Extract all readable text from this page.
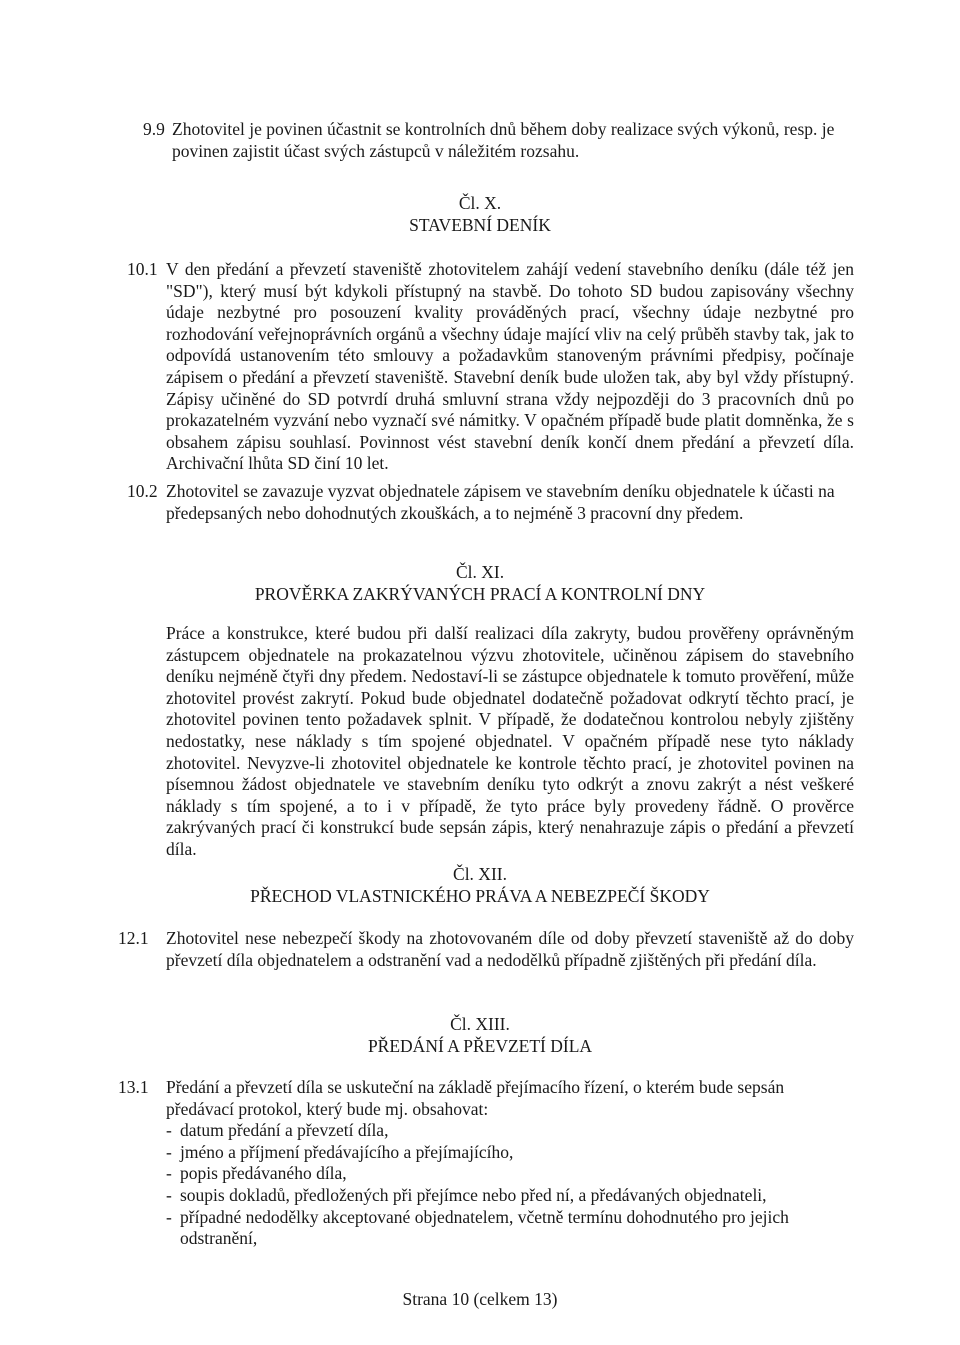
9.9 Zhotovitel je povinen účastnit se kontrolních dnů během doby realizace svých výkonů, resp. je povinen zajistit účast svých zástupců v náležitém rozsahu.
Čl. X.
STAVEBNÍ DENÍK
10.1 V den předání a převzetí staveniště zhotovitelem zahájí vedení stavebního deníku (dále též jen "SD"), který musí být kdykoli přístupný na stavbě. Do tohoto SD budou zapisovány všechny údaje nezbytné pro posouzení kvality prováděných prací, všechny údaje nezbytné pro rozhodování veřejnoprávních orgánů a všechny údaje mající vliv na celý průběh stavby tak, jak to odpovídá ustanovením této smlouvy a požadavkům stanoveným právními předpisy, počínaje zápisem o předání a převzetí staveniště. Stavební deník bude uložen tak, aby byl vždy přístupný. Zápisy učiněné do SD potvrdí druhá smluvní strana vždy nejpozději do 3 pracovních dnů po prokazatelném vyzvání nebo vyznačí své námitky. V opačném případě bude platit domněnka, že s obsahem zápisu souhlasí. Povinnost vést stavební deník končí dnem předání a převzetí díla. Archivační lhůta SD činí 10 let.
10.2 Zhotovitel se zavazuje vyzvat objednatele zápisem ve stavebním deníku objednatele k účasti na předepsaných nebo dohodnutých zkouškách, a to nejméně 3 pracovní dny předem.
Čl. XI.
PROVĚRKA ZAKRÝVANÝCH PRACÍ A KONTROLNÍ DNY
Práce a konstrukce, které budou při další realizaci díla zakryty, budou prověřeny oprávněným zástupcem objednatele na prokazatelnou výzvu zhotovitele, učiněnou zápisem do stavebního deníku nejméně čtyři dny předem. Nedostaví-li se zástupce objednatele k tomuto prověření, může zhotovitel provést zakrytí. Pokud bude objednatel dodatečně požadovat odkrytí těchto prací, je zhotovitel povinen tento požadavek splnit. V případě, že dodatečnou kontrolou nebyly zjištěny nedostatky, nese náklady s tím spojené objednatel. V opačném případě nese tyto náklady zhotovitel. Nevyzve-li zhotovitel objednatele ke kontrole těchto prací, je zhotovitel povinen na písemnou žádost objednatele ve stavebním deníku tyto odkrýt a znovu zakrýt a nést veškeré náklady s tím spojené, a to i v případě, že tyto práce byly provedeny řádně. O prověrce zakrývaných prací či konstrukcí bude sepsán zápis, který nenahrazuje zápis o předání a převzetí díla.
Čl. XII.
PŘECHOD VLASTNICKÉHO PRÁVA A NEBEZPEČÍ ŠKODY
12.1 Zhotovitel nese nebezpečí škody na zhotovovaném díle od doby převzetí staveniště až do doby převzetí díla objednatelem a odstranění vad a nedodělků případně zjištěných při předání díla.
Čl. XIII.
PŘEDÁNÍ A PŘEVZETÍ DÍLA
13.1 Předání a převzetí díla se uskuteční na základě přejímacího řízení, o kterém bude sepsán předávací protokol, který bude mj. obsahovat:
- datum předání a převzetí díla,
- jméno a příjmení předávajícího a přejímajícího,
- popis předávaného díla,
- soupis dokladů, předložených při přejímce nebo před ní, a předávaných objednateli,
- případné nedodělky akceptované objednatelem, včetně termínu dohodnutého pro jejich odstranění,
Strana 10 (celkem 13)
